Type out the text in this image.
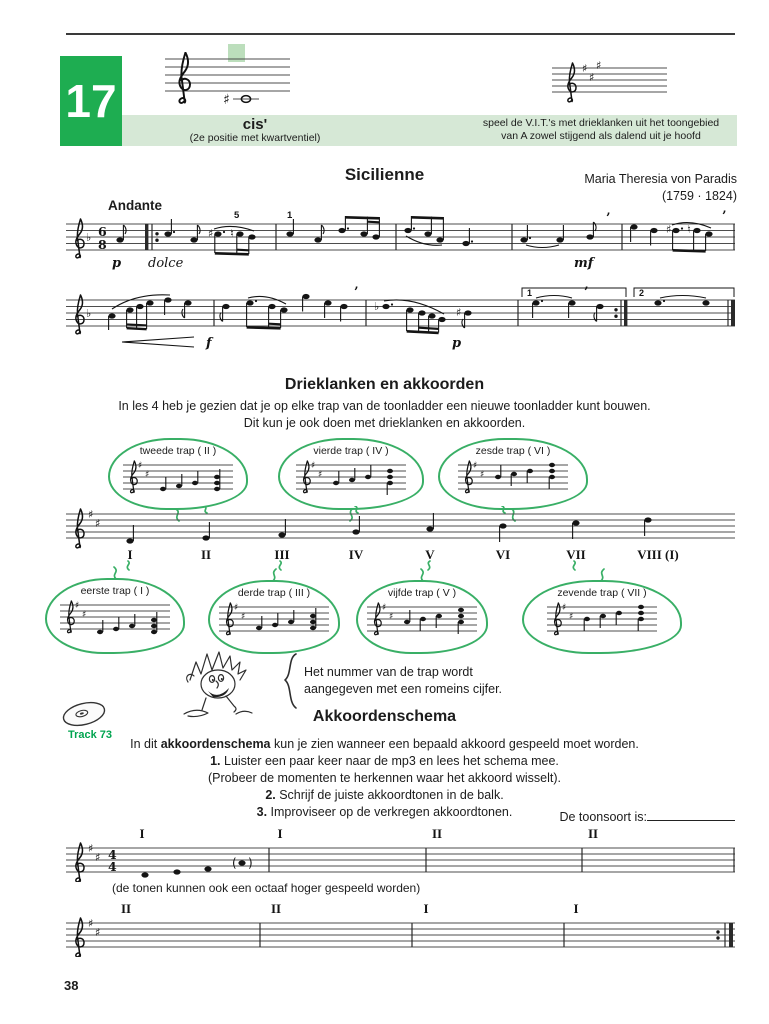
17	♯
cis'
(2e positie met kwartventiel)
♯ ♯
♯
speel de V.I.T.'s met drieklanken uit het toongebied
van A zowel stijgend als dalend uit je hoofd
Sicilienne	Maria Theresia von Paradis
(1759 · 1824)
Andante
♭ 6
8
♯ ♮
5	1	’
♯ ♮
’
p dolce	mf
♭
f
’
♭	♯
p
1	’	2
Drieklanken en akkoorden
In les 4 heb je gezien dat je op elke trap van de toonladder een nieuwe toonladder kunt bouwen.
Dit kun je ook doen met drieklanken en akkoorden.
tweede trap ( II )
♯
♯
vierde trap ( IV )
♯
♯
zesde trap ( VI )
♯
♯
♯
♯
I	II	III	IV	V	VI	VII	VIII (I)
eerste trap ( I )
♯
♯
derde trap ( III )
♯
♯
vijfde trap ( V )
♯
♯
zevende trap ( VII )
♯
♯
Het nummer van de trap wordt
aangegeven met een romeins cijfer.
Track 73
Akkoordenschema
In dit akkoordenschema kun je zien wanneer een bepaald akkoord gespeeld moet worden.
1. Luister een paar keer naar de mp3 en lees het schema mee.
(Probeer de momenten te herkennen waar het akkoord wisselt).
2. Schrijf de juiste akkoordtonen in de balk.
3. Improviseer op de verkregen akkoordtonen.	De toonsoort is:
I	I	II	II
♯
♯ 4
4	( )
(de tonen kunnen ook een octaaf hoger gespeeld worden)
II	II	I	I
♯
♯
38
